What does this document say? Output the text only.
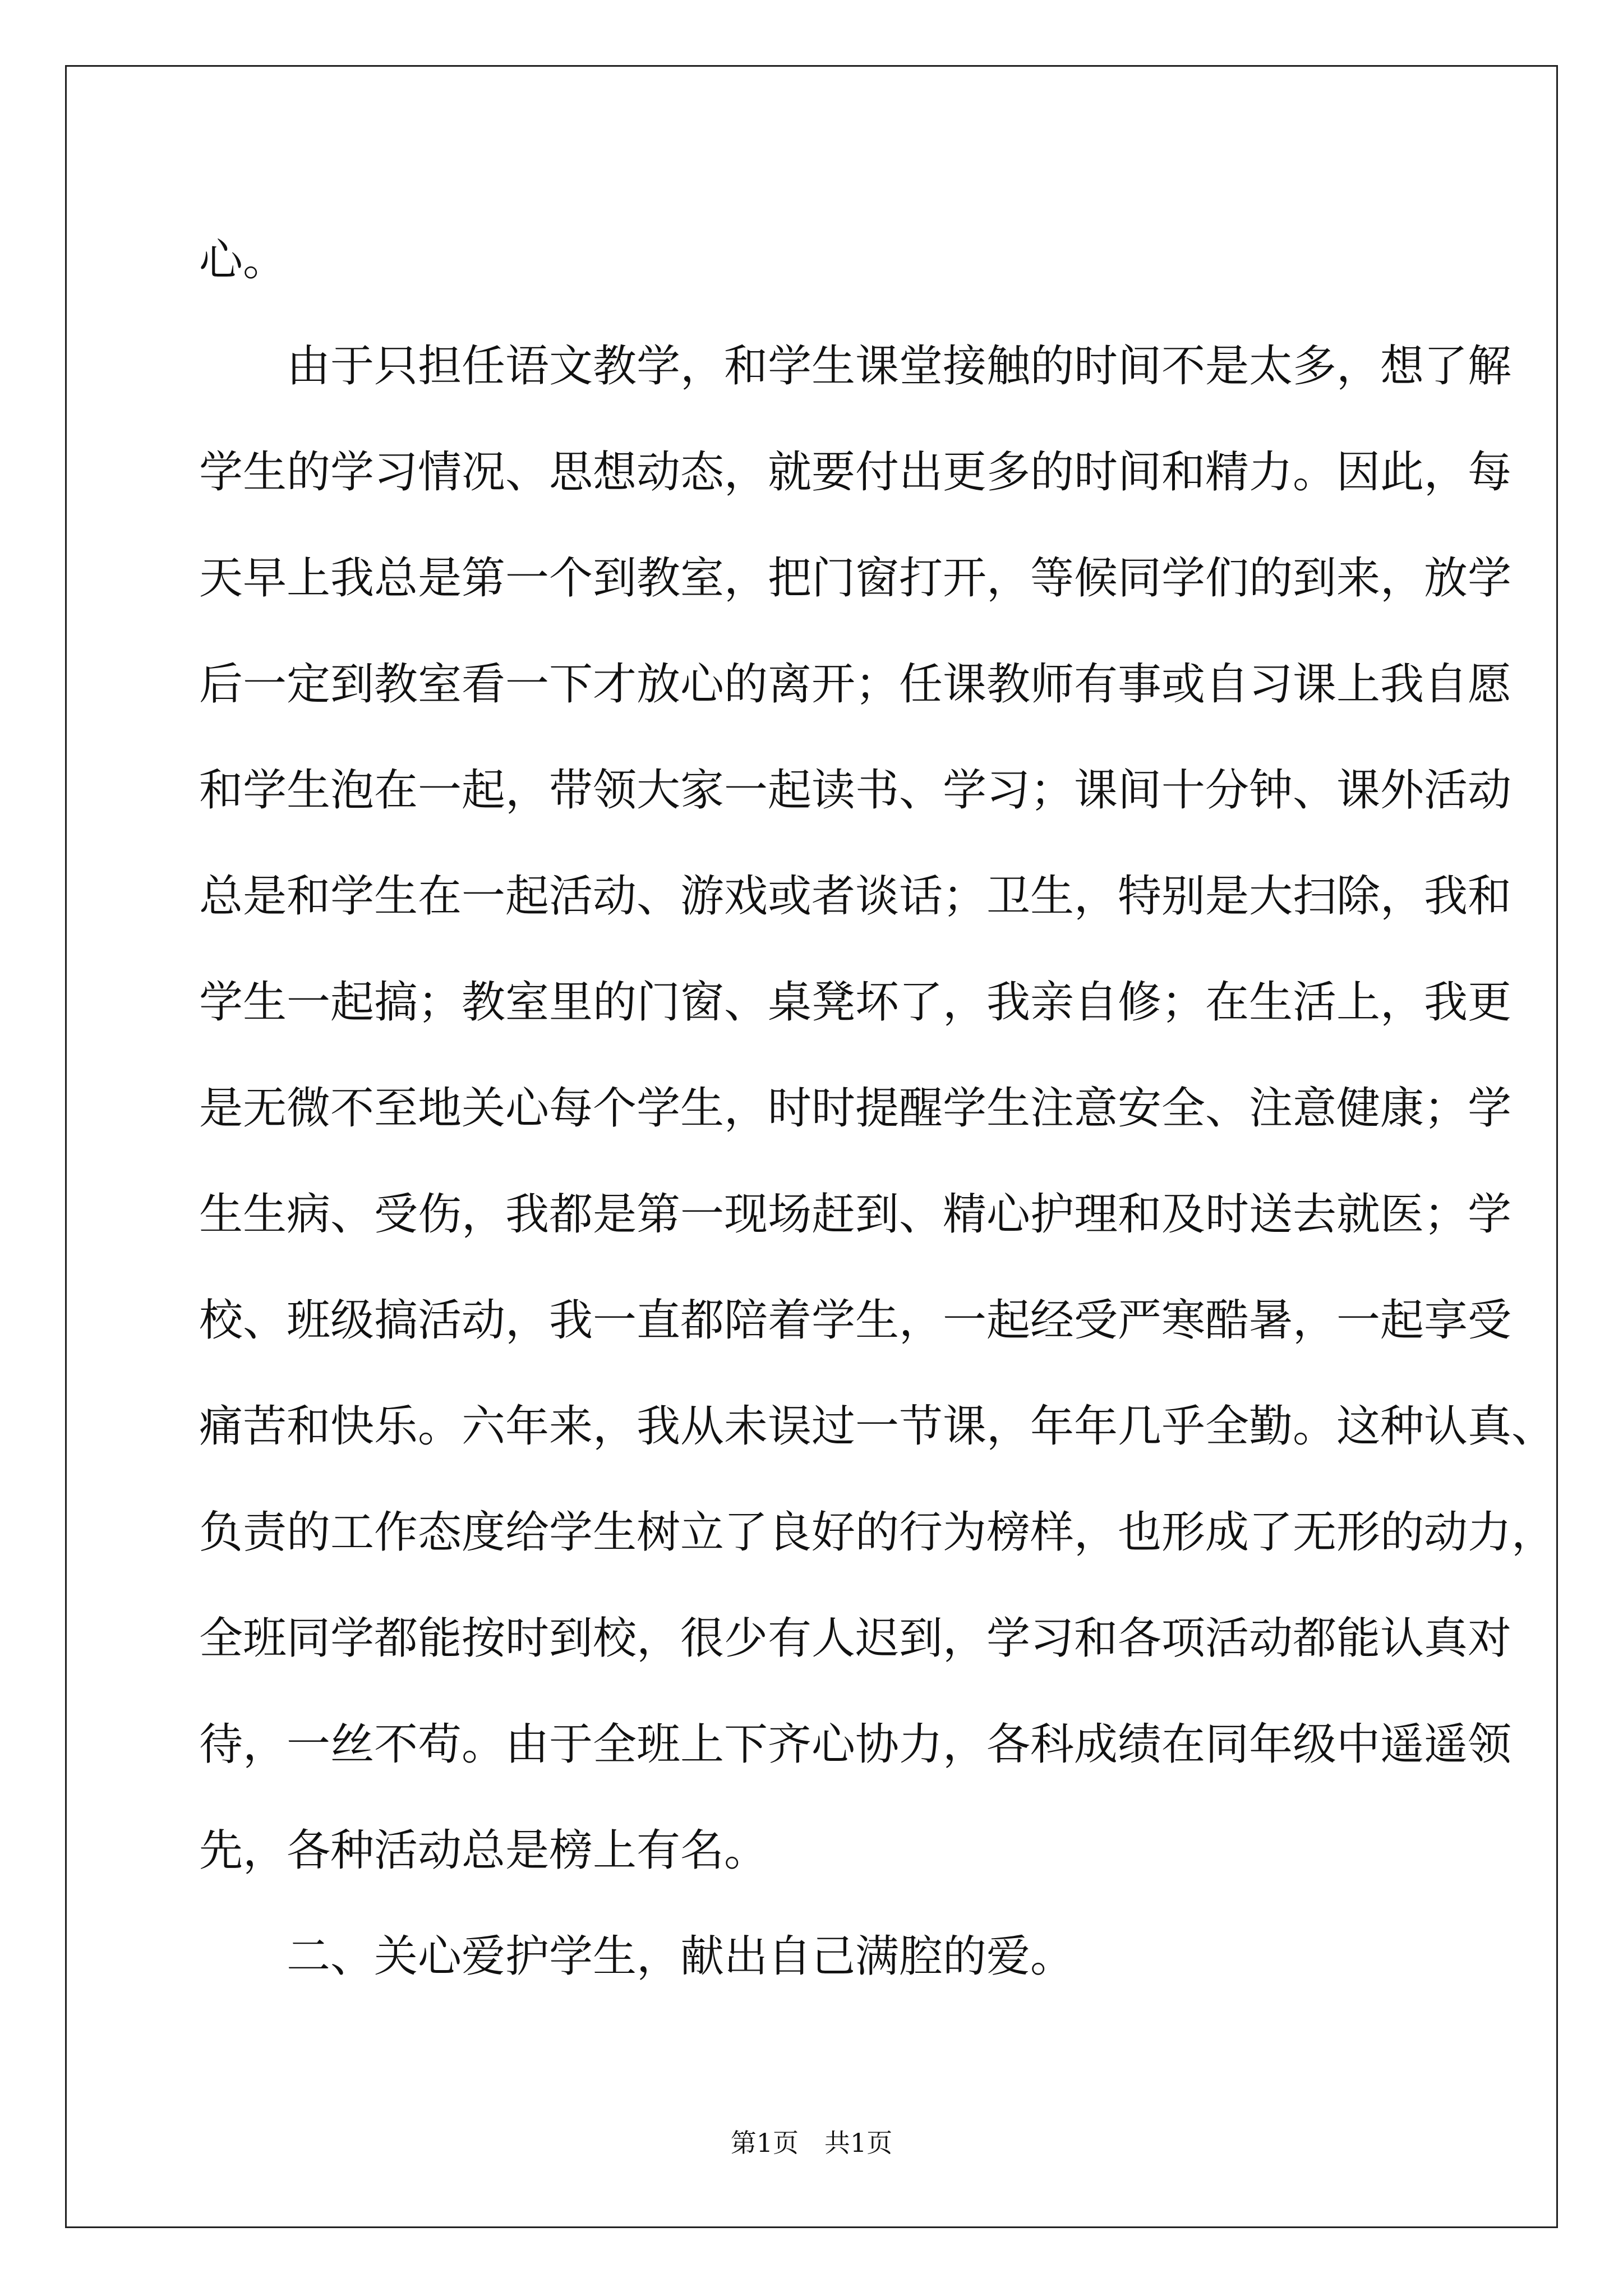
心。
由于只担任语文教学，和学生课堂接触的时间不是太多，想了解
学生的学习情况、思想动态，就要付出更多的时间和精力。因此，每
天早上我总是第一个到教室，把门窗打开，等候同学们的到来，放学
后一定到教室看一下才放心的离开；任课教师有事或自习课上我自愿
和学生泡在一起，带领大家一起读书、学习；课间十分钟、课外活动
总是和学生在一起活动、游戏或者谈话；卫生，特别是大扫除，我和
学生一起搞；教室里的门窗、桌凳坏了，我亲自修；在生活上，我更
是无微不至地关心每个学生，时时提醒学生注意安全、注意健康；学
生生病、受伤，我都是第一现场赶到、精心护理和及时送去就医；学
校、班级搞活动，我一直都陪着学生，一起经受严寒酷暑，一起享受
痛苦和快乐。六年来，我从未误过一节课，年年几乎全勤。这种认真、
负责的工作态度给学生树立了良好的行为榜样，也形成了无形的动力，
全班同学都能按时到校，很少有人迟到，学习和各项活动都能认真对
待，一丝不苟。由于全班上下齐心协力，各科成绩在同年级中遥遥领
先，各种活动总是榜上有名。
二、关心爱护学生，献出自己满腔的爱。
第1页 共1页
